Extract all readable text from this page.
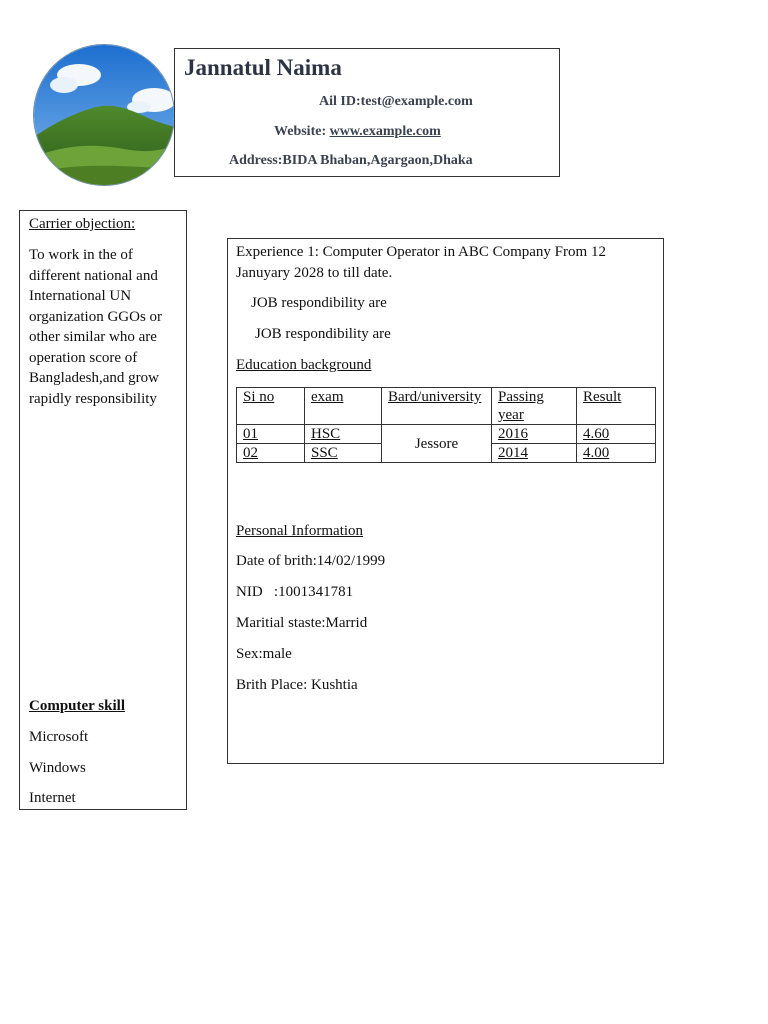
Jannatul Naima
Ail ID:test@example.com
Website: www.example.com
Address:BIDA Bhaban,Agargaon,Dhaka
Carrier objection:
To work in the of different national and International UN organization GGOs or other similar who are operation score of Bangladesh,and grow rapidly responsibility
Computer skill
Microsoft
Windows
Internet
Experience 1: Computer Operator in ABC Company From 12 Januyary 2028 to till date.
JOB respondibility are
JOB respondibility are
Education background
Si no	exam	Bard/university	Passing year	Result
01	HSC	Jessore	2016	4.60
02	SSC		2014	4.00
Personal Information
Date of brith:14/02/1999
NID   :1001341781
Maritial staste:Marrid
Sex:male
Brith Place: Kushtia
